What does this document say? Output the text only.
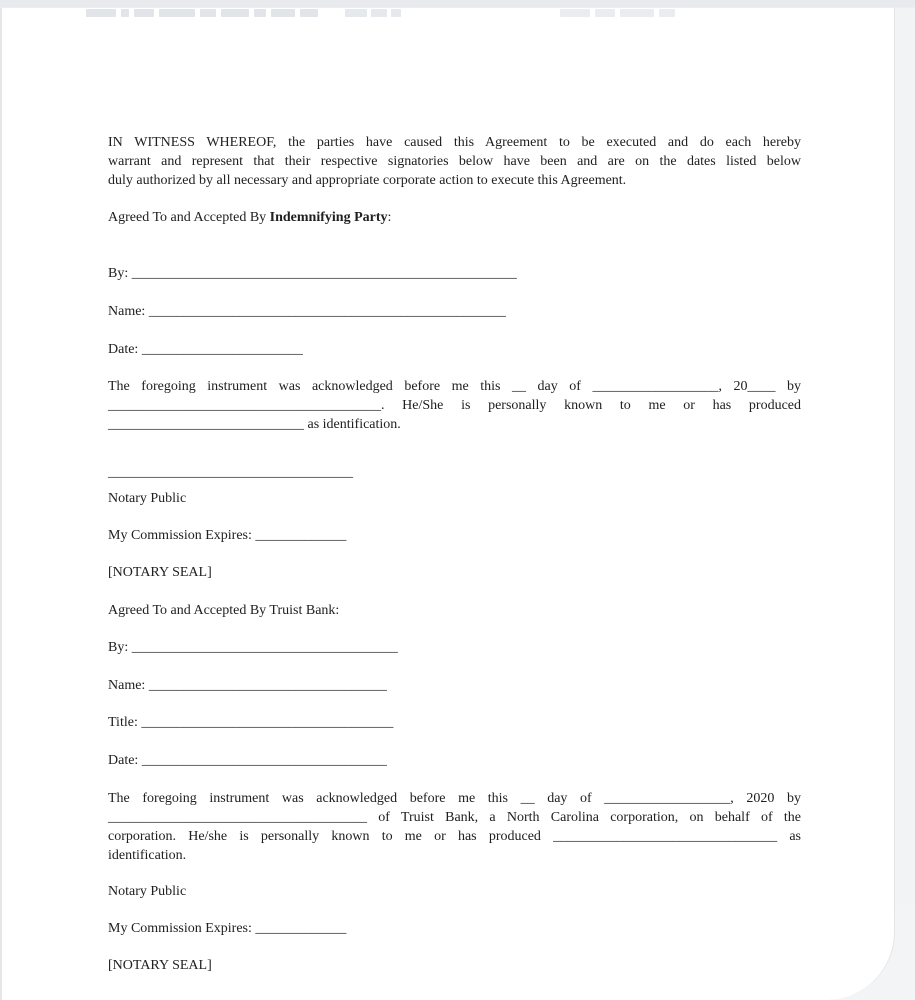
IN WITNESS WHEREOF, the parties have caused this Agreement to be executed and do each hereby
warrant and represent that their respective signatories below have been and are on the dates listed below
duly authorized by all necessary and appropriate corporate action to execute this Agreement.
Agreed To and Accepted By Indemnifying Party:
By: _______________________________________________________
Name: ___________________________________________________
Date: _______________________
The foregoing instrument was acknowledged before me this __ day of __________________, 20____ by
_______________________________________. He/She is personally known to me or has produced
____________________________ as identification.
___________________________________
Notary Public
My Commission Expires: _____________
[NOTARY SEAL]
Agreed To and Accepted By Truist Bank:
By: ______________________________________
Name: __________________________________
Title: ____________________________________
Date: ___________________________________
The foregoing instrument was acknowledged before me this __ day of __________________, 2020 by
_____________________________________ of Truist Bank, a North Carolina corporation, on behalf of the
corporation. He/she is personally known to me or has produced ________________________________ as
identification.
Notary Public
My Commission Expires: _____________
[NOTARY SEAL]
